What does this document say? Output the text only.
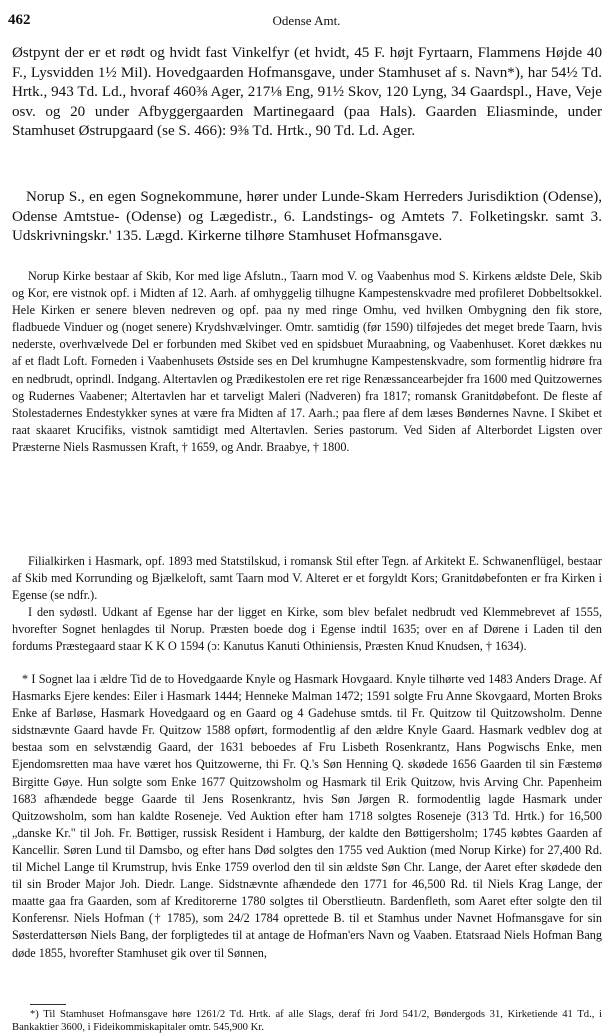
462	Odense Amt.

Østpynt der er et rødt og hvidt fast Vinkelfyr (et hvidt, 45 F. højt Fyrtaarn, Flammens Højde 40 F., Lysvidden 1½ Mil). Hovedgaarden Hofmansgave, under Stamhuset af s. Navn*), har 54½ Td. Hrtk., 943 Td. Ld., hvoraf 460⅜ Ager, 217⅛ Eng, 91½ Skov, 120 Lyng, 34 Gaardspl., Have, Veje osv. og 20 under Afbyggergaarden Martinegaard (paa Hals). Gaarden Eliasminde, under Stamhuset Østrupgaard (se S. 466): 9⅜ Td. Hrtk., 90 Td. Ld. Ager.

Norup S., en egen Sognekommune, hører under Lunde-Skam Herreders Jurisdiktion (Odense), Odense Amtstue- (Odense) og Lægedistr., 6. Landstings- og Amtets 7. Folketingskr. samt 3. Udskrivningskr.' 135. Lægd. Kirkerne tilhøre Stamhuset Hofmansgave.

Norup Kirke bestaar af Skib, Kor med lige Afslutn., Taarn mod V. og Vaabenhus mod S. Kirkens ældste Dele, Skib og Kor, ere vistnok opf. i Midten af 12. Aarh. af omhyggelig tilhugne Kampestenskvadre med profileret Dobbeltsokkel. Hele Kirken er senere bleven nedreven og opf. paa ny med ringe Omhu, ved hvilken Ombygning den fik store, fladbuede Vinduer og (noget senere) Krydshvælvinger. Omtr. samtidig (før 1590) tilføjedes det meget brede Taarn, hvis nederste, overhvælvede Del er forbunden med Skibet ved en spidsbuet Muraabning, og Vaabenhuset. Koret dækkes nu af et fladt Loft. Forneden i Vaabenhusets Østside ses en Del krumhugne Kampestenskvadre, som formentlig hidrøre fra en nedbrudt, oprindl. Indgang. Altertavlen og Prædikestolen ere ret rige Renæssancearbejder fra 1600 med Quitzowernes og Rudernes Vaabener; Altertavlen har et tarveligt Maleri (Nadveren) fra 1817; romansk Granitdøbefont. De fleste af Stolestadernes Endestykker synes at være fra Midten af 17. Aarh.; paa flere af dem læses Bøndernes Navne. I Skibet et raat skaaret Krucifiks, vistnok samtidigt med Altertavlen. Series pastorum. Ved Siden af Alterbordet Ligsten over Præsterne Niels Rasmussen Kraft, † 1659, og Andr. Braabye, † 1800.

Filialkirken i Hasmark, opf. 1893 med Statstilskud, i romansk Stil efter Tegn. af Arkitekt E. Schwanenflügel, bestaar af Skib med Korrunding og Bjælkeloft, samt Taarn mod V. Alteret er et forgyldt Kors; Granitdøbefonten er fra Kirken i Egense (se ndfr.).

I den sydøstl. Udkant af Egense har der ligget en Kirke, som blev befalet nedbrudt ved Klemmebrevet af 1555, hvorefter Sognet henlagdes til Norup. Præsten boede dog i Egense indtil 1635; over en af Dørene i Laden til den fordums Præstegaard staar K K O 1594 (ɔ: Kanutus Kanuti Othiniensis, Præsten Knud Knudsen, † 1634).

* I Sognet laa i ældre Tid de to Hovedgaarde Knyle og Hasmark Hovgaard. Knyle tilhørte ved 1483 Anders Drage. Af Hasmarks Ejere kendes: Eiler i Hasmark 1444; Henneke Malman 1472; 1591 solgte Fru Anne Skovgaard, Morten Broks Enke af Barløse, Hasmark Hovedgaard og en Gaard og 4 Gadehuse smtds. til Fr. Quitzow til Quitzowsholm. Denne sidstnævnte Gaard havde Fr. Quitzow 1588 opført, formodentlig af den ældre Knyle Gaard. Hasmark vedblev dog at bestaa som en selvstændig Gaard, der 1631 beboedes af Fru Lisbeth Rosenkrantz, Hans Pogwischs Enke, men Ejendomsretten maa have været hos Quitzowerne, thi Fr. Q.'s Søn Henning Q. skødede 1656 Gaarden til sin Fæstemø Birgitte Gøye. Hun solgte som Enke 1677 Quitzowsholm og Hasmark til Erik Quitzow, hvis Arving Chr. Papenheim 1683 afhændede begge Gaarde til Jens Rosenkrantz, hvis Søn Jørgen R. formodentlig lagde Hasmark under Quitzowsholm, som han kaldte Roseneje. Ved Auktion efter ham 1718 solgtes Rosenеje (313 Td. Hrtk.) for 16,500 „danske Kr." til Joh. Fr. Bøttiger, russisk Resident i Hamburg, der kaldte den Bøttigersholm; 1745 købtes Gaarden af Kancellir. Søren Lund til Damsbo, og efter hans Død solgtes den 1755 ved Auktion (med Norup Kirke) for 27,400 Rd. til Michel Lange til Krumstrup, hvis Enke 1759 overlod den til sin ældste Søn Chr. Lange, der Aaret efter skødede den til sin Broder Major Joh. Diedr. Lange. Sidstnævnte afhændede den 1771 for 46,500 Rd. til Niels Krag Lange, der maatte gaa fra Gaarden, som af Kreditorerne 1780 solgtes til Oberstlieutn. Bardenfleth, som Aaret efter solgte den til Konferensr. Niels Hofman († 1785), som 24/2 1784 oprettede B. til et Stamhus under Navnet Hofmansgave for sin Søsterdattersøn Niels Bang, der forpligtedes til at antage de Hofman'ers Navn og Vaaben. Etatsraad Niels Hofman Bang døde 1855, hvorefter Stamhuset gik over til Sønnen,

*) Til Stamhuset Hofmansgave høre 1261/2 Td. Hrtk. af alle Slags, deraf fri Jord 541/2, Bøndergods 31, Kirketiende 41 Td., i Bankaktier 3600, i Fideikommiskapitaler omtr. 545,900 Kr.
